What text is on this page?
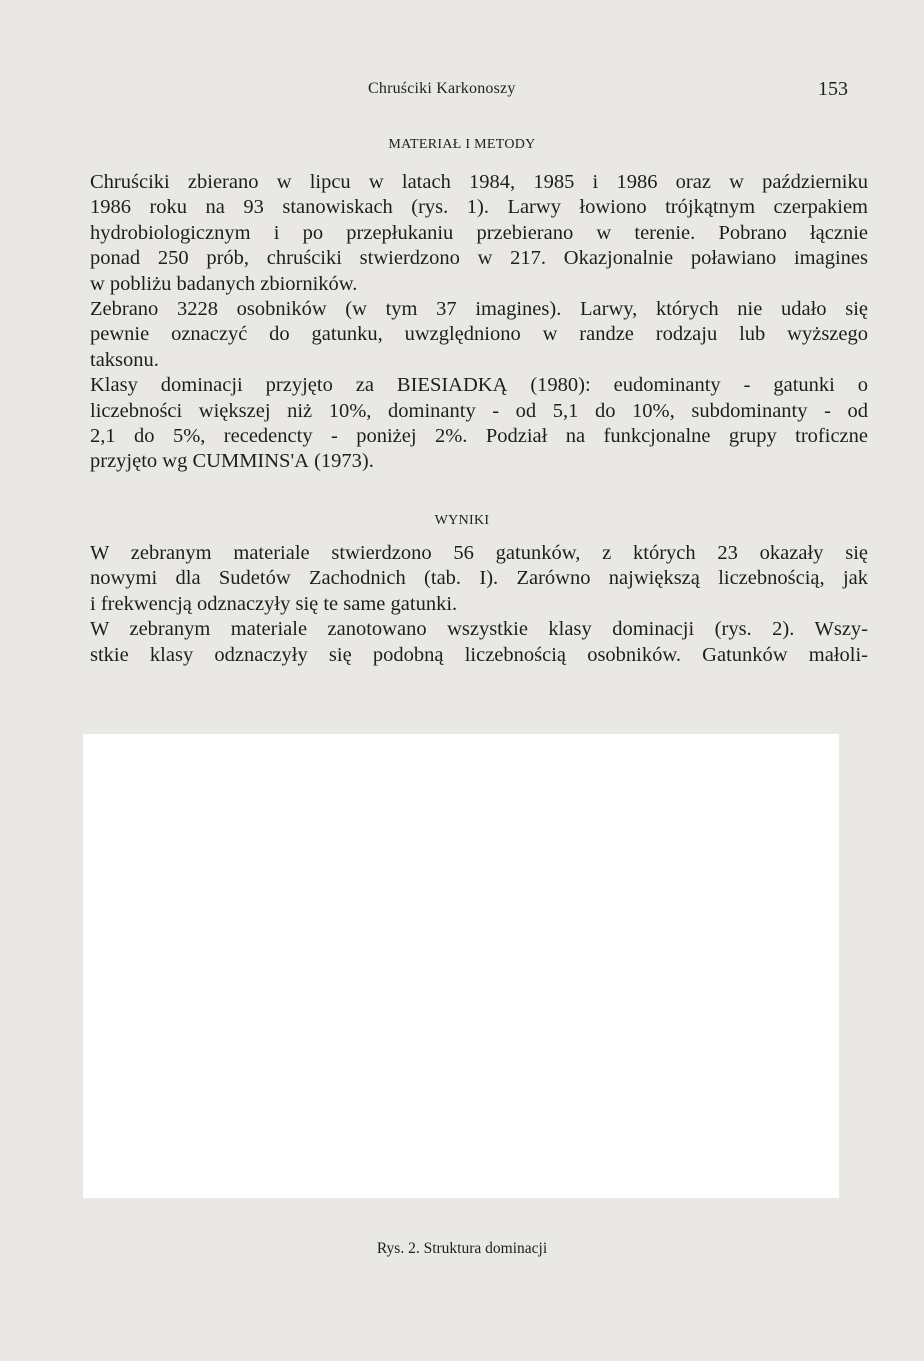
Chruściki Karkonoszy	153
MATERIAŁ I METODY
Chruściki zbierano w lipcu w latach 1984, 1985 i 1986 oraz w październiku
1986 roku na 93 stanowiskach (rys. 1). Larwy łowiono trójkątnym czerpakiem
hydrobiologicznym i po przepłukaniu przebierano w terenie. Pobrano łącznie
ponad 250 prób, chruściki stwierdzono w 217. Okazjonalnie poławiano imagines
w pobliżu badanych zbiorników.
Zebrano 3228 osobników (w tym 37 imagines). Larwy, których nie udało się
pewnie oznaczyć do gatunku, uwzględniono w randze rodzaju lub wyższego
taksonu.
Klasy dominacji przyjęto za BIESIADKĄ (1980): eudominanty - gatunki o
liczebności większej niż 10%, dominanty - od 5,1 do 10%, subdominanty - od
2,1 do 5%, recedencty - poniżej 2%. Podział na funkcjonalne grupy troficzne
przyjęto wg CUMMINS'A (1973).
WYNIKI
W zebranym materiale stwierdzono 56 gatunków, z których 23 okazały się
nowymi dla Sudetów Zachodnich (tab. I). Zarówno największą liczebnością, jak
i frekwencją odznaczyły się te same gatunki.
W zebranym materiale zanotowano wszystkie klasy dominacji (rys. 2). Wszy-
stkie klasy odznaczyły się podobną liczebnością osobników. Gatunków małoli-
Rys. 2. Struktura dominacji
